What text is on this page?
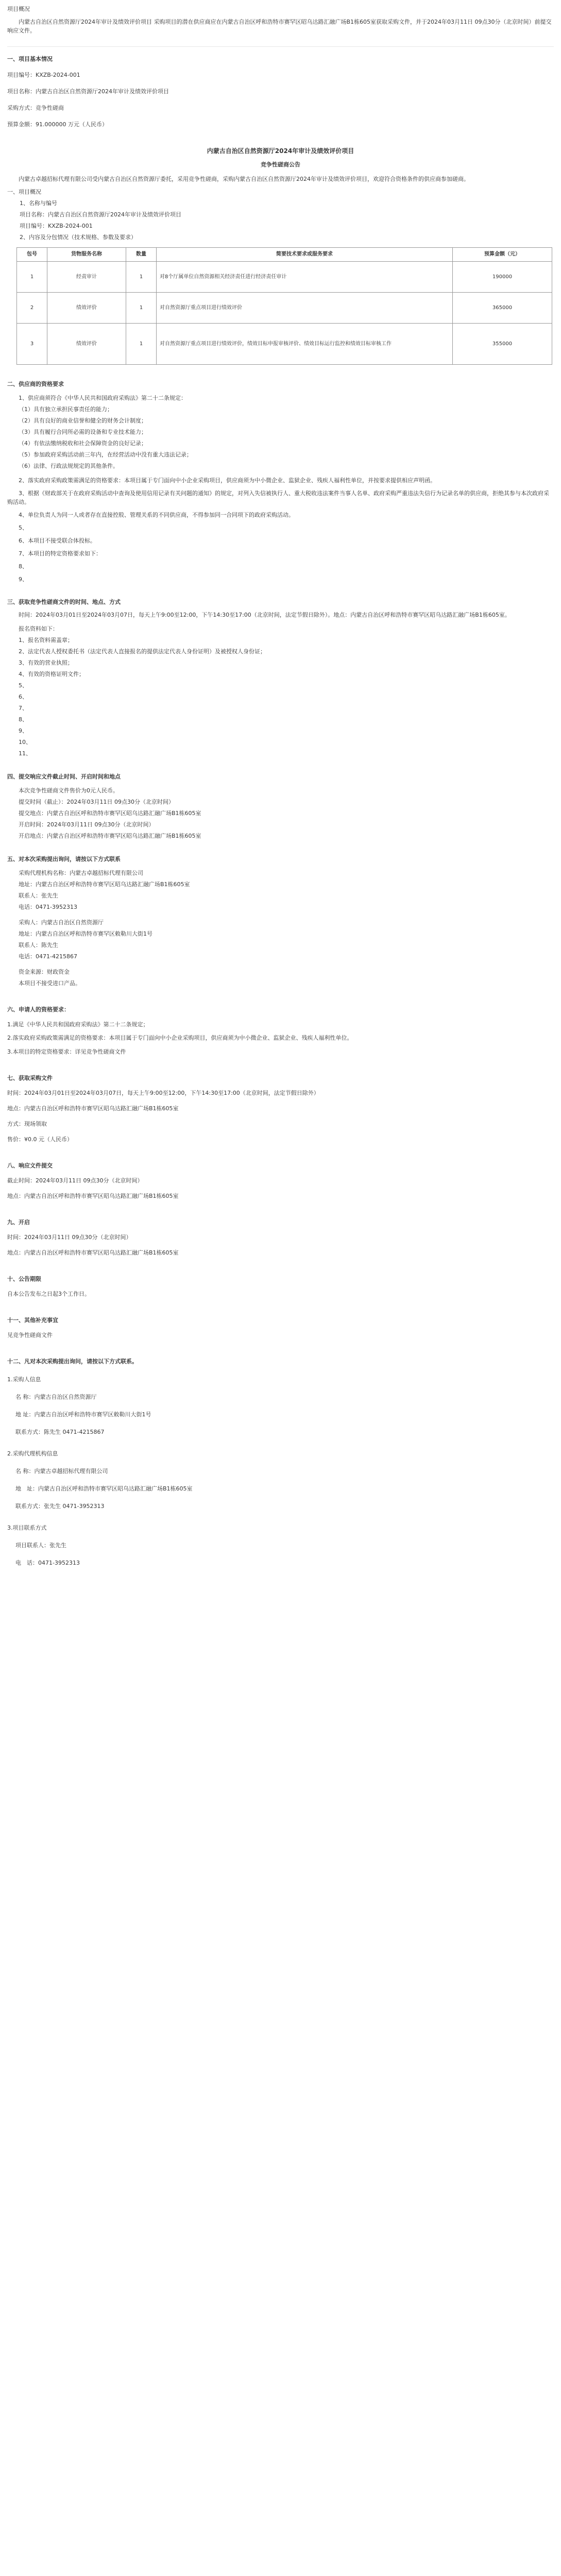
项目概况

内蒙古自治区自然资源厅2024年审计及绩效评价项目 采购项目的潜在供应商应在内蒙古自治区呼和浩特市赛罕区昭乌达路汇融广场B1栋605室获取采购文件，并于2024年03月11日 09点30分（北京时间）前提交响应文件。

一、项目基本情况

项目编号：KXZB-2024-001

项目名称：内蒙古自治区自然资源厅2024年审计及绩效评价项目

采购方式：竞争性磋商

预算金额：91.000000 万元（人民币）

内蒙古自治区自然资源厅2024年审计及绩效评价项目

竞争性磋商公告

内蒙古卓越招标代理有限公司受内蒙古自治区自然资源厅委托，采用竞争性磋商，采购内蒙古自治区自然资源厅2024年审计及绩效评价项目，欢迎符合资格条件的供应商参加磋商。

一、项目概况

1、名称与编号

项目名称：内蒙古自治区自然资源厅2024年审计及绩效评价项目

项目编号：KXZB-2024-001

2、内容及分包情况（技术规格、参数及要求）

包号	货物服务名称	数量	简要技术要求或服务要求	预算金额（元）
1	经责审计	1	对8个厅属单位自然资源相关经济责任进行经济责任审计	190000
2	绩效评价	1	对自然资源厅重点项目进行绩效评价	365000
3	绩效评价	1	对自然资源厅重点项目进行绩效评价，绩效目标申报审核评价、绩效目标运行监控和绩效目标审核工作	355000

二、供应商的资格要求

1、供应商须符合《中华人民共和国政府采购法》第二十二条规定：

（1）具有独立承担民事责任的能力；

（2）具有良好的商业信誉和健全的财务会计制度；

（3）具有履行合同所必需的设备和专业技术能力；

（4）有依法缴纳税收和社会保障资金的良好记录；

（5）参加政府采购活动前三年内，在经营活动中没有重大违法记录；

（6）法律、行政法规规定的其他条件。

2、落实政府采购政策需满足的资格要求：本项目属于专门面向中小企业采购项目，供应商须为中小微企业、监狱企业、残疾人福利性单位，并按要求提供相应声明函。

3、根据《财政部关于在政府采购活动中查询及使用信用记录有关问题的通知》的规定，对列入失信被执行人、重大税收违法案件当事人名单、政府采购严重违法失信行为记录名单的供应商，拒绝其参与本次政府采购活动。

4、单位负责人为同一人或者存在直接控股、管理关系的不同供应商，不得参加同一合同项下的政府采购活动。

5、

6、本项目不接受联合体投标。

7、本项目的特定资格要求如下：

8、

9、

三、获取竞争性磋商文件的时间、地点、方式

时间：2024年03月01日至2024年03月07日，每天上午9:00至12:00，下午14:30至17:00（北京时间，法定节假日除外）。地点：内蒙古自治区呼和浩特市赛罕区昭乌达路汇融广场B1栋605室。

报名资料如下：

1、报名资料需盖章；

2、法定代表人授权委托书（法定代表人直接报名的提供法定代表人身份证明）及被授权人身份证；

3、有效的营业执照；

4、有效的资格证明文件；

5、

6、

7、

8、

9、

10、

11、

四、提交响应文件截止时间、开启时间和地点

本次竞争性磋商文件售价为0元人民币。

提交时间（截止）：2024年03月11日 09点30分（北京时间）

提交地点：内蒙古自治区呼和浩特市赛罕区昭乌达路汇融广场B1栋605室

开启时间：2024年03月11日 09点30分（北京时间）

开启地点：内蒙古自治区呼和浩特市赛罕区昭乌达路汇融广场B1栋605室

五、对本次采购提出询问，请按以下方式联系

采购代理机构名称：内蒙古卓越招标代理有限公司

地址：内蒙古自治区呼和浩特市赛罕区昭乌达路汇融广场B1栋605室

联系人：张先生

电话：0471-3952313

采购人：内蒙古自治区自然资源厅

地址：内蒙古自治区呼和浩特市赛罕区敕勒川大街1号

联系人：陈先生

电话：0471-4215867

资金来源：财政资金

本项目不接受进口产品。

六、申请人的资格要求：

1.满足《中华人民共和国政府采购法》第二十二条规定；

2.落实政府采购政策需满足的资格要求：本项目属于专门面向中小企业采购项目，供应商须为中小微企业、监狱企业、残疾人福利性单位。

3.本项目的特定资格要求：详见竞争性磋商文件

七、获取采购文件

时间：2024年03月01日至2024年03月07日，每天上午9:00至12:00，下午14:30至17:00（北京时间，法定节假日除外）

地点：内蒙古自治区呼和浩特市赛罕区昭乌达路汇融广场B1栋605室

方式：现场领取

售价：¥0.0 元（人民币）

八、响应文件提交

截止时间：2024年03月11日 09点30分（北京时间）

地点：内蒙古自治区呼和浩特市赛罕区昭乌达路汇融广场B1栋605室

九、开启

时间：2024年03月11日 09点30分（北京时间）

地点：内蒙古自治区呼和浩特市赛罕区昭乌达路汇融广场B1栋605室

十、公告期限

自本公告发布之日起3个工作日。

十一、其他补充事宜

见竞争性磋商文件

十二、凡对本次采购提出询问，请按以下方式联系。

1.采购人信息

名 称：内蒙古自治区自然资源厅

地 址：内蒙古自治区呼和浩特市赛罕区敕勒川大街1号

联系方式：陈先生 0471-4215867

2.采购代理机构信息

名 称：内蒙古卓越招标代理有限公司

地　址：内蒙古自治区呼和浩特市赛罕区昭乌达路汇融广场B1栋605室

联系方式：张先生 0471-3952313

3.项目联系方式

项目联系人：张先生

电　话：0471-3952313
